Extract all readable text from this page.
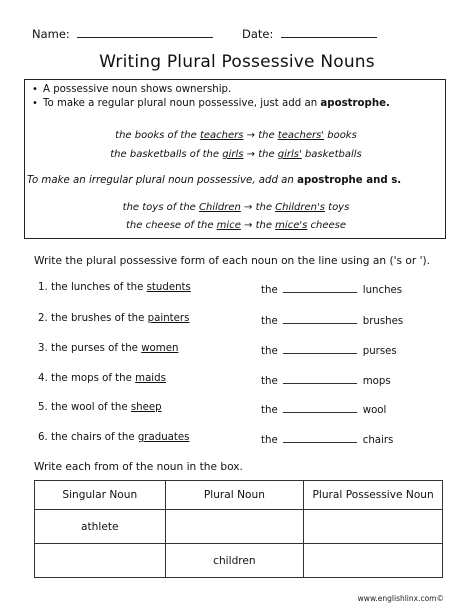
Name:	Date:
Writing Plural Possessive Nouns
• A possessive noun shows ownership.
• To make a regular plural noun possessive, just add an apostrophe.
the books of the teachers → the teachers' books
the basketballs of the girls → the girls' basketballs
To make an irregular plural noun possessive, add an apostrophe and s.
the toys of the Children → the Children's toys
the cheese of the mice → the mice's cheese
Write the plural possessive form of each noun on the line using an ('s or ').
1. the lunches of the students	the	lunches
2. the brushes of the painters	the	brushes
3. the purses of the women	the	purses
4. the mops of the maids	the	mops
5. the wool of the sheep	the	wool
6. the chairs of the graduates	the	chairs
Write each from of the noun in the box.
Singular Noun	Plural Noun	Plural Possessive Noun
athlete		
	children	
www.englishlinx.com©
